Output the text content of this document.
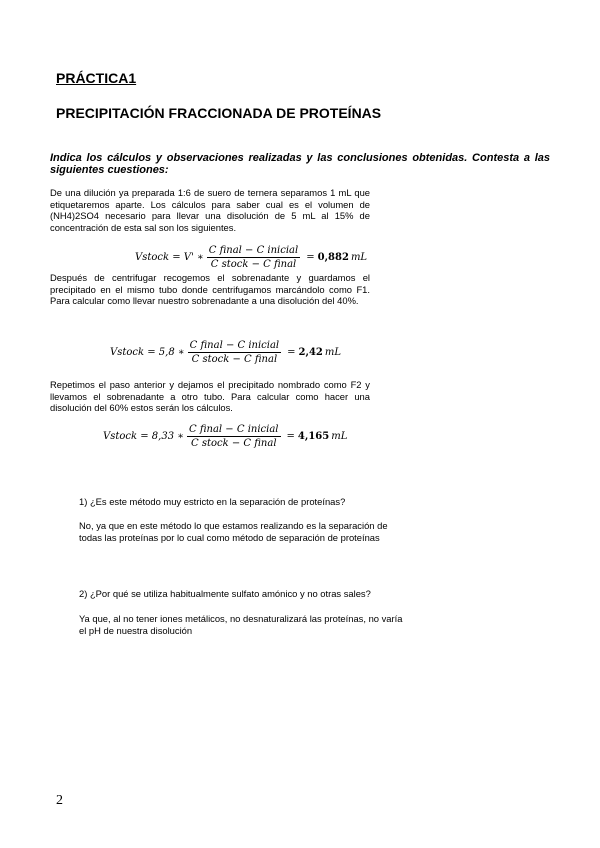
PRÁCTICA1
PRECIPITACIÓN FRACCIONADA DE PROTEÍNAS
Indica los cálculos y observaciones realizadas y las conclusiones obtenidas. Contesta a las siguientes cuestiones:
De una dilución ya preparada 1:6 de suero de ternera separamos 1 mL que etiquetaremos aparte. Los cálculos para saber cual es el volumen de (NH4)2SO4 necesario para llevar una disolución de 5 mL al 15% de concentración de esta sal son los siguientes.
Vstock = V' ∗ $\frac{\text{C final − C inicial}}{\text{C stock − C final}} = 0,882$ mL
Después de centrifugar recogemos el sobrenadante y guardamos el precipitado en el mismo tubo donde centrifugamos marcándolo como F1. Para calcular como llevar nuestro sobrenadante a una disolución del 40%.
Vstock = 5,8 ∗ $\frac{\text{C final − C inicial}}{\text{C stock − C final}} = 2,42$ mL
Repetimos el paso anterior y dejamos el precipitado nombrado como F2 y llevamos el sobrenadante a otro tubo. Para calcular como hacer una disolución del 60% estos serán los cálculos.
Vstock = 8,33 ∗ $\frac{\text{C final − C inicial}}{\text{C stock − C final}} = 4,165$ mL
1) ¿Es este método muy estricto en la separación de proteínas?
No, ya que en este método lo que estamos realizando es la separación de todas las proteínas por lo cual como método de separación de proteínas
2) ¿Por qué se utiliza habitualmente sulfato amónico y no otras sales?
Ya que, al no tener iones metálicos, no desnaturalizará las proteínas, no varía el pH de nuestra disolución
2
